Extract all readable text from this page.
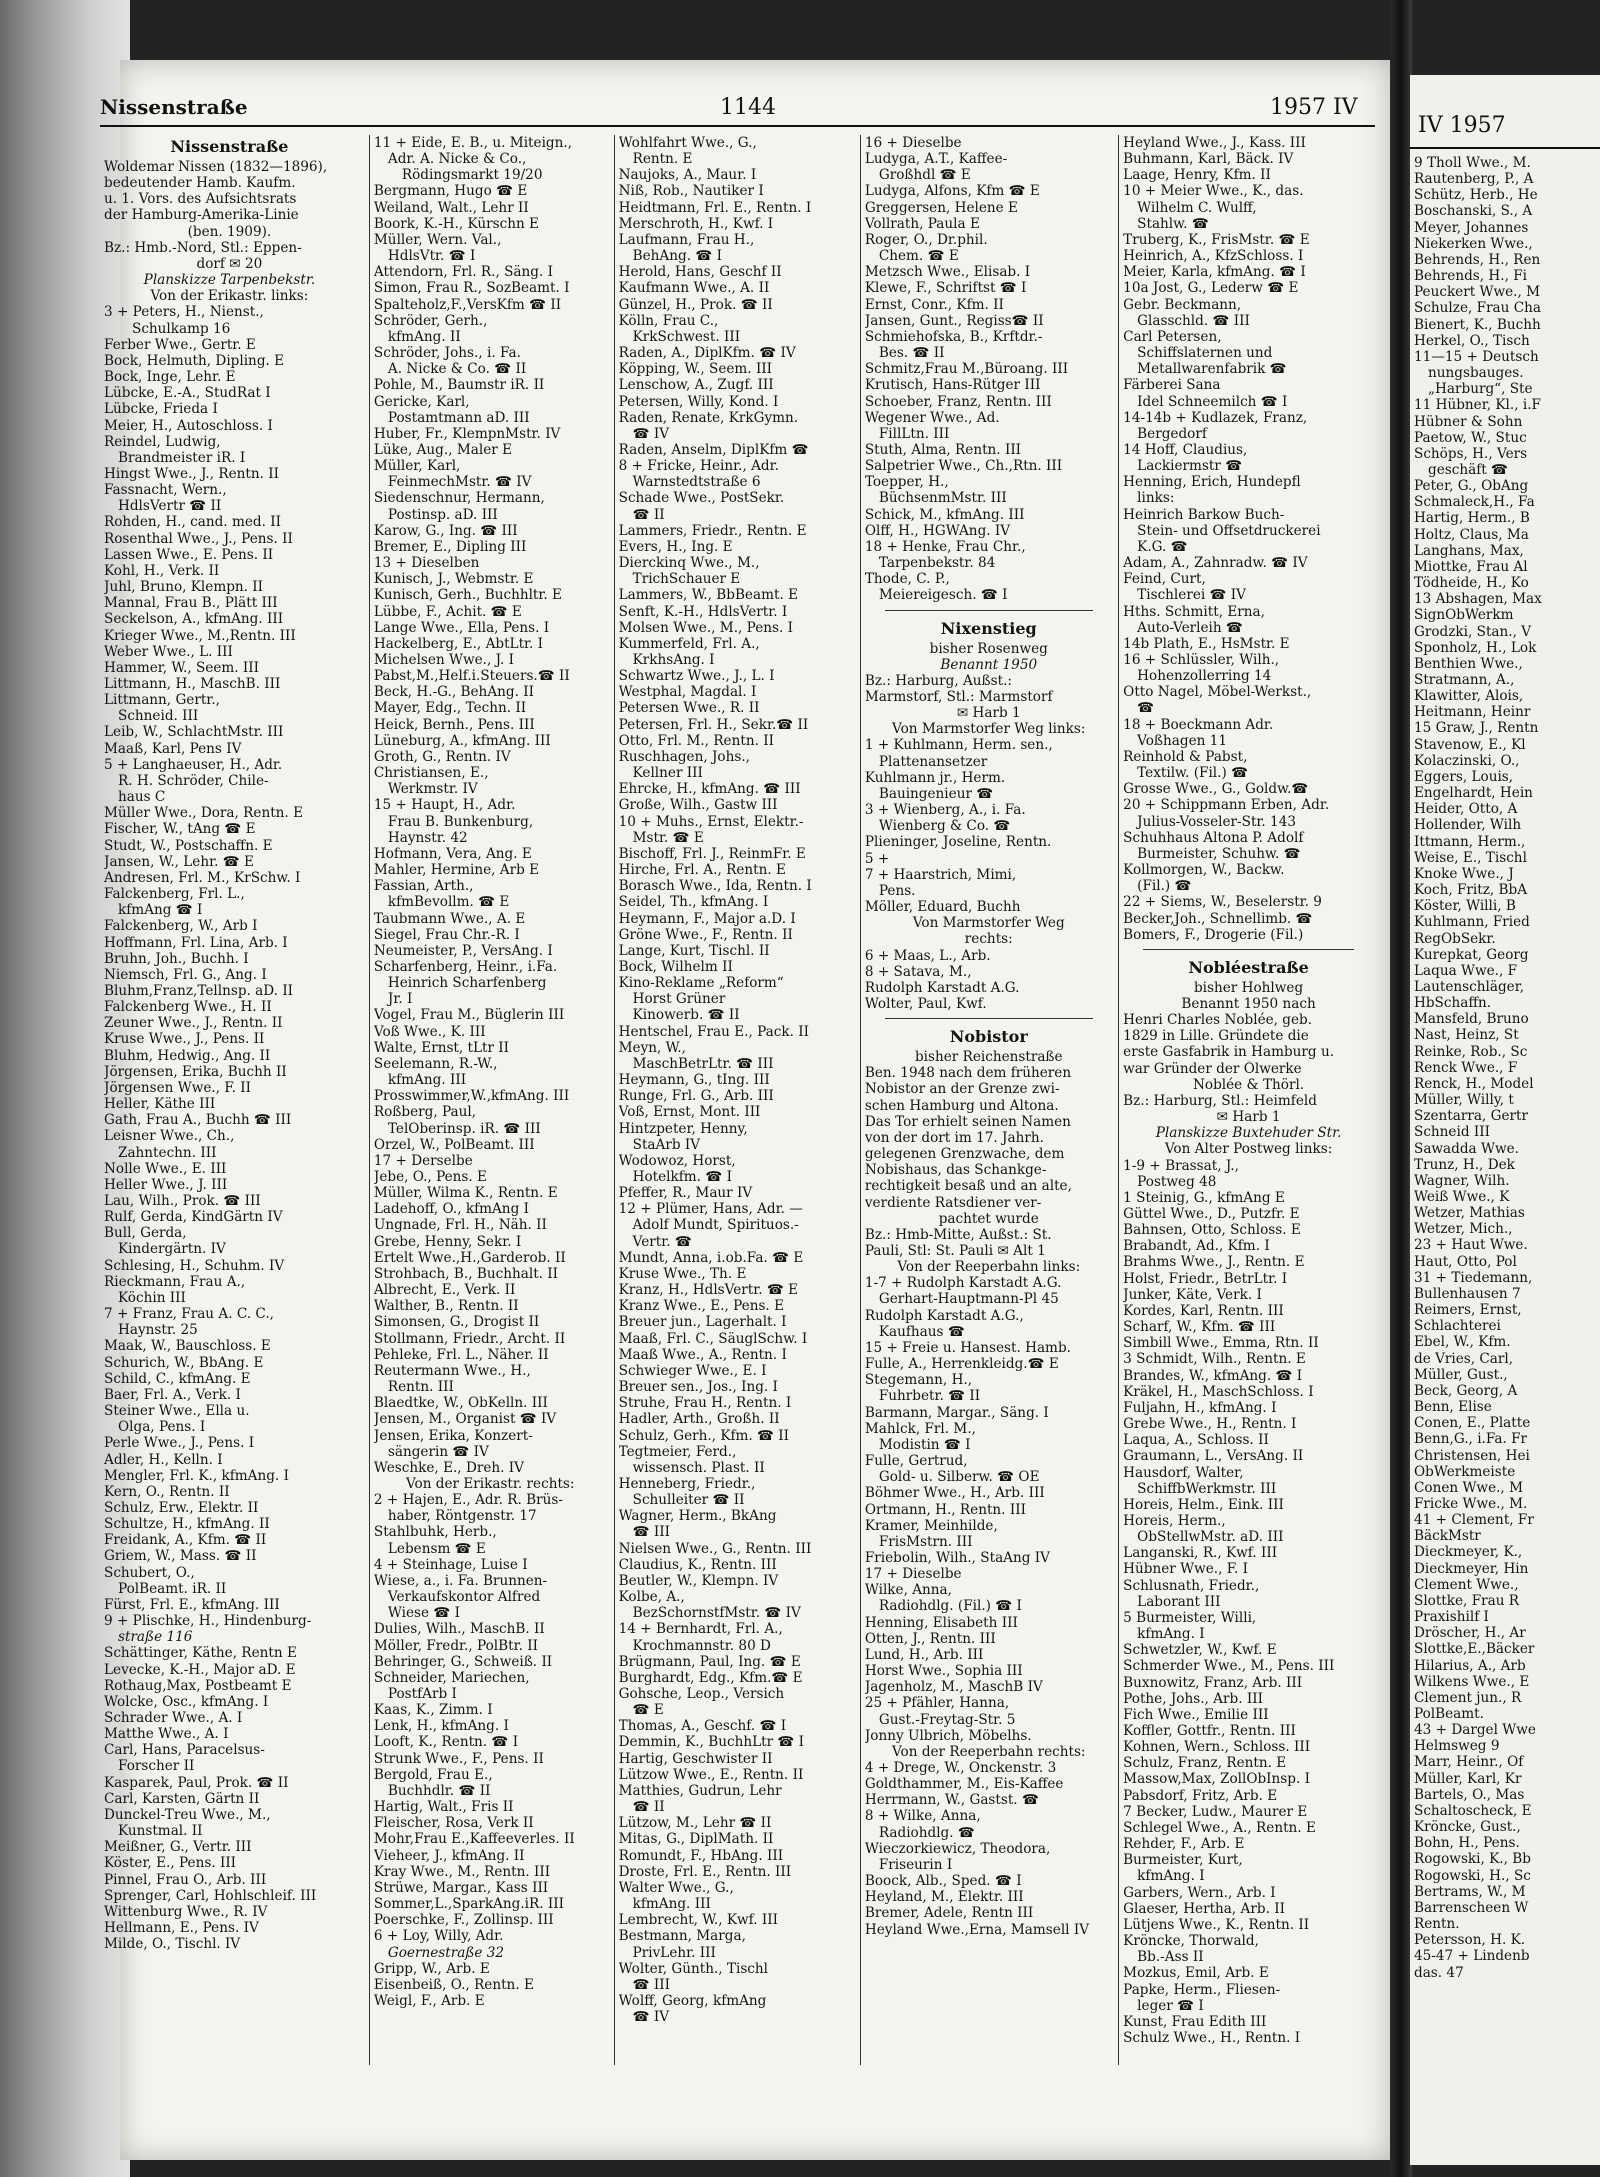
IV 1957
9 Tholl Wwe., M.
Rautenberg, P., A
Schütz, Herb., He
Boschanski, S., A
Meyer, Johannes
Niekerken Wwe.,
Behrends, H., Ren
Behrends, H., Fi
Peuckert Wwe., M
Schulze, Frau Cha
Bienert, K., Buchh
Herkel, O., Tisch
11—15 + Deutsch
nungsbauges.
„Harburg“, Ste
11 Hübner, Kl., i.F
Hübner & Sohn
Paetow, W., Stuc
Schöps, H., Vers
geschäft ☎
Peter, G., ObAng
Schmaleck,H., Fa
Hartig, Herm., B
Holtz, Claus, Ma
Langhans, Max,
Miottke, Frau Al
Tödheide, H., Ko
13 Abshagen, Max
SignObWerkm
Grodzki, Stan., V
Sponholz, H., Lok
Benthien Wwe.,
Stratmann, A.,
Klawitter, Alois,
Heitmann, Heinr
15 Graw, J., Rentn
Stavenow, E., Kl
Kolaczinski, O.,
Eggers, Louis,
Engelhardt, Hein
Heider, Otto, A
Hollender, Wilh
Ittmann, Herm.,
Weise, E., Tischl
Knoke Wwe., J
Koch, Fritz, BbA
Köster, Willi, B
Kuhlmann, Fried
RegObSekr.
Kurepkat, Georg
Laqua Wwe., F
Lautenschläger,
HbSchaffn.
Mansfeld, Bruno
Nast, Heinz, St
Reinke, Rob., Sc
Renck Wwe., F
Renck, H., Model
Müller, Willy, t
Szentarra, Gertr
Schneid III
Sawadda Wwe.
Trunz, H., Dek
Wagner, Wilh.
Weiß Wwe., K
Wetzer, Mathias
Wetzer, Mich.,
23 + Haut Wwe.
Haut, Otto, Pol
31 + Tiedemann,
Bullenhausen 7
Reimers, Ernst,
Schlachterei
Ebel, W., Kfm.
de Vries, Carl,
Müller, Gust.,
Beck, Georg, A
Benn, Elise
Conen, E., Platte
Benn,G., i.Fa. Fr
Christensen, Hei
ObWerkmeiste
Conen Wwe., M
Fricke Wwe., M.
41 + Clement, Fr
BäckMstr
Dieckmeyer, K.,
Dieckmeyer, Hin
Clement Wwe.,
Slottke, Frau R
Praxishilf I
Dröscher, H., Ar
Slottke,E.,Bäcker
Hilarius, A., Arb
Wilkens Wwe., E
Clement jun., R
PolBeamt.
43 + Dargel Wwe
Helmsweg 9
Marr, Heinr., Of
Müller, Karl, Kr
Bartels, O., Mas
Schaltoscheck, E
Kröncke, Gust.,
Bohn, H., Pens.
Rogowski, K., Bb
Rogowski, H., Sc
Bertrams, W., M
Barrenscheen W
Rentn.
Petersson, H. K.
45-47 + Lindenb
das. 47
Nissenstraße	1144	1957 IV
Nissenstraße
Woldemar Nissen (1832—1896),
bedeutender Hamb. Kaufm.
u. 1. Vors. des Aufsichtsrats
der Hamburg-Amerika-Linie
(ben. 1909).
Bz.: Hmb.-Nord, Stl.: Eppen-
dorf ✉ 20
Planskizze Tarpenbekstr.
Von der Erikastr. links:
3 + Peters, H., Nienst.,
Schulkamp 16
Ferber Wwe., Gertr. E
Bock, Helmuth, Dipling. E
Bock, Inge, Lehr. E
Lübcke, E.-A., StudRat I
Lübcke, Frieda I
Meier, H., Autoschloss. I
Reindel, Ludwig,
Brandmeister iR. I
Hingst Wwe., J., Rentn. II
Fassnacht, Wern.,
HdlsVertr ☎ II
Rohden, H., cand. med. II
Rosenthal Wwe., J., Pens. II
Lassen Wwe., E. Pens. II
Kohl, H., Verk. II
Juhl, Bruno, Klempn. II
Mannal, Frau B., Plätt III
Seckelson, A., kfmAng. III
Krieger Wwe., M.,Rentn. III
Weber Wwe., L. III
Hammer, W., Seem. III
Littmann, H., MaschB. III
Littmann, Gertr.,
Schneid. III
Leib, W., SchlachtMstr. III
Maaß, Karl, Pens IV
5 + Langhaeuser, H., Adr.
R. H. Schröder, Chile-
haus C
Müller Wwe., Dora, Rentn. E
Fischer, W., tAng ☎ E
Studt, W., Postschaffn. E
Jansen, W., Lehr. ☎ E
Andresen, Frl. M., KrSchw. I
Falckenberg, Frl. L.,
kfmAng ☎ I
Falckenberg, W., Arb I
Hoffmann, Frl. Lina, Arb. I
Bruhn, Joh., Buchh. I
Niemsch, Frl. G., Ang. I
Bluhm,Franz,Tellnsp. aD. II
Falckenberg Wwe., H. II
Zeuner Wwe., J., Rentn. II
Kruse Wwe., J., Pens. II
Bluhm, Hedwig., Ang. II
Jörgensen, Erika, Buchh II
Jörgensen Wwe., F. II
Heller, Käthe III
Gath, Frau A., Buchh ☎ III
Leisner Wwe., Ch.,
Zahntechn. III
Nolle Wwe., E. III
Heller Wwe., J. III
Lau, Wilh., Prok. ☎ III
Rulf, Gerda, KindGärtn IV
Bull, Gerda,
Kindergärtn. IV
Schlesing, H., Schuhm. IV
Rieckmann, Frau A.,
Köchin III
7 + Franz, Frau A. C. C.,
Haynstr. 25
Maak, W., Bauschloss. E
Schurich, W., BbAng. E
Schild, C., kfmAng. E
Baer, Frl. A., Verk. I
Steiner Wwe., Ella u.
Olga, Pens. I
Perle Wwe., J., Pens. I
Adler, H., Kelln. I
Mengler, Frl. K., kfmAng. I
Kern, O., Rentn. II
Schulz, Erw., Elektr. II
Schultze, H., kfmAng. II
Freidank, A., Kfm. ☎ II
Griem, W., Mass. ☎ II
Schubert, O.,
PolBeamt. iR. II
Fürst, Frl. E., kfmAng. III
9 + Plischke, H., Hindenburg-
straße 116
Schättinger, Käthe, Rentn E
Levecke, K.-H., Major aD. E
Rothaug,Max, Postbeamt E
Wolcke, Osc., kfmAng. I
Schrader Wwe., A. I
Matthe Wwe., A. I
Carl, Hans, Paracelsus-
Forscher II
Kasparek, Paul, Prok. ☎ II
Carl, Karsten, Gärtn II
Dunckel-Treu Wwe., M.,
Kunstmal. II
Meißner, G., Vertr. III
Köster, E., Pens. III
Pinnel, Frau O., Arb. III
Sprenger, Carl, Hohlschleif. III
Wittenburg Wwe., R. IV
Hellmann, E., Pens. IV
Milde, O., Tischl. IV
11 + Eide, E. B., u. Miteign.,
Adr. A. Nicke & Co.,
Rödingsmarkt 19/20
Bergmann, Hugo ☎ E
Weiland, Walt., Lehr II
Boork, K.-H., Kürschn E
Müller, Wern. Val.,
HdlsVtr. ☎ I
Attendorn, Frl. R., Säng. I
Simon, Frau R., SozBeamt. I
Spalteholz,F.,VersKfm ☎ II
Schröder, Gerh.,
kfmAng. II
Schröder, Johs., i. Fa.
A. Nicke & Co. ☎ II
Pohle, M., Baumstr iR. II
Gericke, Karl,
Postamtmann aD. III
Huber, Fr., KlempnMstr. IV
Lüke, Aug., Maler E
Müller, Karl,
FeinmechMstr. ☎ IV
Siedenschnur, Hermann,
Postinsp. aD. III
Karow, G., Ing. ☎ III
Bremer, E., Dipling III
13 + Dieselben
Kunisch, J., Webmstr. E
Kunisch, Gerh., Buchhltr. E
Lübbe, F., Achit. ☎ E
Lange Wwe., Ella, Pens. I
Hackelberg, E., AbtLtr. I
Michelsen Wwe., J. I
Pabst,M.,Helf.i.Steuers.☎ II
Beck, H.-G., BehAng. II
Mayer, Edg., Techn. II
Heick, Bernh., Pens. III
Lüneburg, A., kfmAng. III
Groth, G., Rentn. IV
Christiansen, E.,
Werkmstr. IV
15 + Haupt, H., Adr.
Frau B. Bunkenburg,
Haynstr. 42
Hofmann, Vera, Ang. E
Mahler, Hermine, Arb E
Fassian, Arth.,
kfmBevollm. ☎ E
Taubmann Wwe., A. E
Siegel, Frau Chr.-R. I
Neumeister, P., VersAng. I
Scharfenberg, Heinr., i.Fa.
Heinrich Scharfenberg
Jr. I
Vogel, Frau M., Büglerin III
Voß Wwe., K. III
Walte, Ernst, tLtr II
Seelemann, R.-W.,
kfmAng. III
Prosswimmer,W.,kfmAng. III
Roßberg, Paul,
TelOberinsp. iR. ☎ III
Orzel, W., PolBeamt. III
17 + Derselbe
Jebe, O., Pens. E
Müller, Wilma K., Rentn. E
Ladehoff, O., kfmAng I
Ungnade, Frl. H., Näh. II
Grebe, Henny, Sekr. I
Ertelt Wwe.,H.,Garderob. II
Strohbach, B., Buchhalt. II
Albrecht, E., Verk. II
Walther, B., Rentn. II
Simonsen, G., Drogist II
Stollmann, Friedr., Archt. II
Pehleke, Frl. L., Näher. II
Reutermann Wwe., H.,
Rentn. III
Blaedtke, W., ObKelln. III
Jensen, M., Organist ☎ IV
Jensen, Erika, Konzert-
sängerin ☎ IV
Weschke, E., Dreh. IV
Von der Erikastr. rechts:
2 + Hajen, E., Adr. R. Brüs-
haber, Röntgenstr. 17
Stahlbuhk, Herb.,
Lebensm ☎ E
4 + Steinhage, Luise I
Wiese, a., i. Fa. Brunnen-
Verkaufskontor Alfred
Wiese ☎ I
Dulies, Wilh., MaschB. II
Möller, Fredr., PolBtr. II
Behringer, G., Schweiß. II
Schneider, Mariechen,
PostfArb I
Kaas, K., Zimm. I
Lenk, H., kfmAng. I
Looft, K., Rentn. ☎ I
Strunk Wwe., F., Pens. II
Bergold, Frau E.,
Buchhdlr. ☎ II
Hartig, Walt., Fris II
Fleischer, Rosa, Verk II
Mohr,Frau E.,Kaffeeverles. II
Vieheer, J., kfmAng. II
Kray Wwe., M., Rentn. III
Strüwe, Margar., Kass III
Sommer,L.,SparkAng.iR. III
Poerschke, F., Zollinsp. III
6 + Loy, Willy, Adr.
Goernestraße 32
Gripp, W., Arb. E
Eisenbeiß, O., Rentn. E
Weigl, F., Arb. E
Wohlfahrt Wwe., G.,
Rentn. E
Naujoks, A., Maur. I
Niß, Rob., Nautiker I
Heidtmann, Frl. E., Rentn. I
Merschroth, H., Kwf. I
Laufmann, Frau H.,
BehAng. ☎ I
Herold, Hans, Geschf II
Kaufmann Wwe., A. II
Günzel, H., Prok. ☎ II
Kölln, Frau C.,
KrkSchwest. III
Raden, A., DiplKfm. ☎ IV
Köpping, W., Seem. III
Lenschow, A., Zugf. III
Petersen, Willy, Kond. I
Raden, Renate, KrkGymn.
☎ IV
Raden, Anselm, DiplKfm ☎
8 + Fricke, Heinr., Adr.
Warnstedtstraße 6
Schade Wwe., PostSekr.
☎ II
Lammers, Friedr., Rentn. E
Evers, H., Ing. E
Dierckinq Wwe., M.,
TrichSchauer E
Lammers, W., BbBeamt. E
Senft, K.-H., HdlsVertr. I
Molsen Wwe., M., Pens. I
Kummerfeld, Frl. A.,
KrkhsAng. I
Schwartz Wwe., J., L. I
Westphal, Magdal. I
Petersen Wwe., R. II
Petersen, Frl. H., Sekr.☎ II
Otto, Frl. M., Rentn. II
Ruschhagen, Johs.,
Kellner III
Ehrcke, H., kfmAng. ☎ III
Große, Wilh., Gastw III
10 + Muhs., Ernst, Elektr.-
Mstr. ☎ E
Bischoff, Frl. J., ReinmFr. E
Hirche, Frl. A., Rentn. E
Borasch Wwe., Ida, Rentn. I
Seidel, Th., kfmAng. I
Heymann, F., Major a.D. I
Gröne Wwe., F., Rentn. II
Lange, Kurt, Tischl. II
Bock, Wilhelm II
Kino-Reklame „Reform“
Horst Grüner
Kinowerb. ☎ II
Hentschel, Frau E., Pack. II
Meyn, W.,
MaschBetrLtr. ☎ III
Heymann, G., tIng. III
Runge, Frl. G., Arb. III
Voß, Ernst, Mont. III
Hintzpeter, Henny,
StaArb IV
Wodowoz, Horst,
Hotelkfm. ☎ I
Pfeffer, R., Maur IV
12 + Plümer, Hans, Adr. —
Adolf Mundt, Spirituos.-
Vertr. ☎
Mundt, Anna, i.ob.Fa. ☎ E
Kruse Wwe., Th. E
Kranz, H., HdlsVertr. ☎ E
Kranz Wwe., E., Pens. E
Breuer jun., Lagerhalt. I
Maaß, Frl. C., SäuglSchw. I
Maaß Wwe., A., Rentn. I
Schwieger Wwe., E. I
Breuer sen., Jos., Ing. I
Struhe, Frau H., Rentn. I
Hadler, Arth., Großh. II
Schulz, Gerh., Kfm. ☎ II
Tegtmeier, Ferd.,
wissensch. Plast. II
Henneberg, Friedr.,
Schulleiter ☎ II
Wagner, Herm., BkAng
☎ III
Nielsen Wwe., G., Rentn. III
Claudius, K., Rentn. III
Beutler, W., Klempn. IV
Kolbe, A.,
BezSchornstfMstr. ☎ IV
14 + Bernhardt, Frl. A.,
Krochmannstr. 80 D
Brügmann, Paul, Ing. ☎ E
Burghardt, Edg., Kfm.☎ E
Gohsche, Leop., Versich
☎ E
Thomas, A., Geschf. ☎ I
Demmin, K., BuchhLtr ☎ I
Hartig, Geschwister II
Lützow Wwe., E., Rentn. II
Matthies, Gudrun, Lehr
☎ II
Lützow, M., Lehr ☎ II
Mitas, G., DiplMath. II
Romundt, F., HbAng. III
Droste, Frl. E., Rentn. III
Walter Wwe., G.,
kfmAng. III
Lembrecht, W., Kwf. III
Bestmann, Marga,
PrivLehr. III
Wolter, Günth., Tischl
☎ III
Wolff, Georg, kfmAng
☎ IV
16 + Dieselbe
Ludyga, A.T., Kaffee-
Großhdl ☎ E
Ludyga, Alfons, Kfm ☎ E
Greggersen, Helene E
Vollrath, Paula E
Roger, O., Dr.phil.
Chem. ☎ E
Metzsch Wwe., Elisab. I
Klewe, F., Schriftst ☎ I
Ernst, Conr., Kfm. II
Jansen, Gunt., Regiss☎ II
Schmiehofska, B., Krftdr.-
Bes. ☎ II
Schmitz,Frau M.,Büroang. III
Krutisch, Hans-Rütger III
Schoeber, Franz, Rentn. III
Wegener Wwe., Ad.
FillLtn. III
Stuth, Alma, Rentn. III
Salpetrier Wwe., Ch.,Rtn. III
Toepper, H.,
BüchsenmMstr. III
Schick, M., kfmAng. III
Olff, H., HGWAng. IV
18 + Henke, Frau Chr.,
Tarpenbekstr. 84
Thode, C. P.,
Meiereigesch. ☎ I
Nixenstieg
bisher Rosenweg
Benannt 1950
Bz.: Harburg, Außst.:
Marmstorf, Stl.: Marmstorf
✉ Harb 1
Von Marmstorfer Weg links:
1 + Kuhlmann, Herm. sen.,
Plattenansetzer
Kuhlmann jr., Herm.
Bauingenieur ☎
3 + Wienberg, A., i. Fa.
Wienberg & Co. ☎
Plieninger, Joseline, Rentn.
5 +
7 + Haarstrich, Mimi,
Pens.
Möller, Eduard, Buchh
Von Marmstorfer Weg
rechts:
6 + Maas, L., Arb.
8 + Satava, M.,
Rudolph Karstadt A.G.
Wolter, Paul, Kwf.
Nobistor
bisher Reichenstraße
Ben. 1948 nach dem früheren
Nobistor an der Grenze zwi-
schen Hamburg und Altona.
Das Tor erhielt seinen Namen
von der dort im 17. Jahrh.
gelegenen Grenzwache, dem
Nobishaus, das Schankge-
rechtigkeit besaß und an alte,
verdiente Ratsdiener ver-
pachtet wurde
Bz.: Hmb-Mitte, Außst.: St.
Pauli, Stl: St. Pauli ✉ Alt 1
Von der Reeperbahn links:
1-7 + Rudolph Karstadt A.G.
Gerhart-Hauptmann-Pl 45
Rudolph Karstadt A.G.,
Kaufhaus ☎
15 + Freie u. Hansest. Hamb.
Fulle, A., Herrenkleidg.☎ E
Stegemann, H.,
Fuhrbetr. ☎ II
Barmann, Margar., Säng. I
Mahlck, Frl. M.,
Modistin ☎ I
Fulle, Gertrud,
Gold- u. Silberw. ☎ OE
Böhmer Wwe., H., Arb. III
Ortmann, H., Rentn. III
Kramer, Meinhilde,
FrisMstrn. III
Friebolin, Wilh., StaAng IV
17 + Dieselbe
Wilke, Anna,
Radiohdlg. (Fil.) ☎ I
Henning, Elisabeth III
Otten, J., Rentn. III
Lund, H., Arb. III
Horst Wwe., Sophia III
Jagenholz, M., MaschB IV
25 + Pfähler, Hanna,
Gust.-Freytag-Str. 5
Jonny Ulbrich, Möbelhs.
Von der Reeperbahn rechts:
4 + Drege, W., Onckenstr. 3
Goldthammer, M., Eis-Kaffee
Herrmann, W., Gastst. ☎
8 + Wilke, Anna,
Radiohdlg. ☎
Wieczorkiewicz, Theodora,
Friseurin I
Boock, Alb., Sped. ☎ I
Heyland, M., Elektr. III
Bremer, Adele, Rentn III
Heyland Wwe.,Erna, Mamsell IV
Heyland Wwe., J., Kass. III
Buhmann, Karl, Bäck. IV
Laage, Henry, Kfm. II
10 + Meier Wwe., K., das.
Wilhelm C. Wulff,
Stahlw. ☎
Truberg, K., FrisMstr. ☎ E
Heinrich, A., KfzSchloss. I
Meier, Karla, kfmAng. ☎ I
10a Jost, G., Lederw ☎ E
Gebr. Beckmann,
Glasschld. ☎ III
Carl Petersen,
Schiffslaternen und
Metallwarenfabrik ☎
Färberei Sana
Idel Schneemilch ☎ I
14-14b + Kudlazek, Franz,
Bergedorf
14 Hoff, Claudius,
Lackiermstr ☎
Henning, Erich, Hundepfl
links:
Heinrich Barkow Buch-
Stein- und Offsetdruckerei
K.G. ☎
Adam, A., Zahnradw. ☎ IV
Feind, Curt,
Tischlerei ☎ IV
Hths. Schmitt, Erna,
Auto-Verleih ☎
14b Plath, E., HsMstr. E
16 + Schlüssler, Wilh.,
Hohenzollerring 14
Otto Nagel, Möbel-Werkst.,
☎
18 + Boeckmann Adr.
Voßhagen 11
Reinhold & Pabst,
Textilw. (Fil.) ☎
Grosse Wwe., G., Goldw.☎
20 + Schippmann Erben, Adr.
Julius-Vosseler-Str. 143
Schuhhaus Altona P. Adolf
Burmeister, Schuhw. ☎
Kollmorgen, W., Backw.
(Fil.) ☎
22 + Siems, W., Beselerstr. 9
Becker,Joh., Schnellimb. ☎
Bomers, F., Drogerie (Fil.)
Nobléestraße
bisher Hohlweg
Benannt 1950 nach
Henri Charles Noblée, geb.
1829 in Lille. Gründete die
erste Gasfabrik in Hamburg u.
war Gründer der Ölwerke
Noblée & Thörl.
Bz.: Harburg, Stl.: Heimfeld
✉ Harb 1
Planskizze Buxtehuder Str.
Von Alter Postweg links:
1-9 + Brassat, J.,
Postweg 48
1 Steinig, G., kfmAng E
Güttel Wwe., D., Putzfr. E
Bahnsen, Otto, Schloss. E
Brabandt, Ad., Kfm. I
Brahms Wwe., J., Rentn. E
Holst, Friedr., BetrLtr. I
Junker, Käte, Verk. I
Kordes, Karl, Rentn. III
Scharf, W., Kfm. ☎ III
Simbill Wwe., Emma, Rtn. II
3 Schmidt, Wilh., Rentn. E
Brandes, W., kfmAng. ☎ I
Kräkel, H., MaschSchloss. I
Fuljahn, H., kfmAng. I
Grebe Wwe., H., Rentn. I
Laqua, A., Schloss. II
Graumann, L., VersAng. II
Hausdorf, Walter,
SchiffbWerkmstr. III
Horeis, Helm., Eink. III
Horeis, Herm.,
ObStellwMstr. aD. III
Langanski, R., Kwf. III
Hübner Wwe., F. I
Schlusnath, Friedr.,
Laborant III
5 Burmeister, Willi,
kfmAng. I
Schwetzler, W., Kwf. E
Schmerder Wwe., M., Pens. III
Buxnowitz, Franz, Arb. III
Pothe, Johs., Arb. III
Fich Wwe., Emilie III
Koffler, Gottfr., Rentn. III
Kohnen, Wern., Schloss. III
Schulz, Franz, Rentn. E
Massow,Max, ZollObInsp. I
Pabsdorf, Fritz, Arb. E
7 Becker, Ludw., Maurer E
Schlegel Wwe., A., Rentn. E
Rehder, F., Arb. E
Burmeister, Kurt,
kfmAng. I
Garbers, Wern., Arb. I
Glaeser, Hertha, Arb. II
Lütjens Wwe., K., Rentn. II
Kröncke, Thorwald,
Bb.-Ass II
Mozkus, Emil, Arb. E
Papke, Herm., Fliesen-
leger ☎ I
Kunst, Frau Edith III
Schulz Wwe., H., Rentn. I
